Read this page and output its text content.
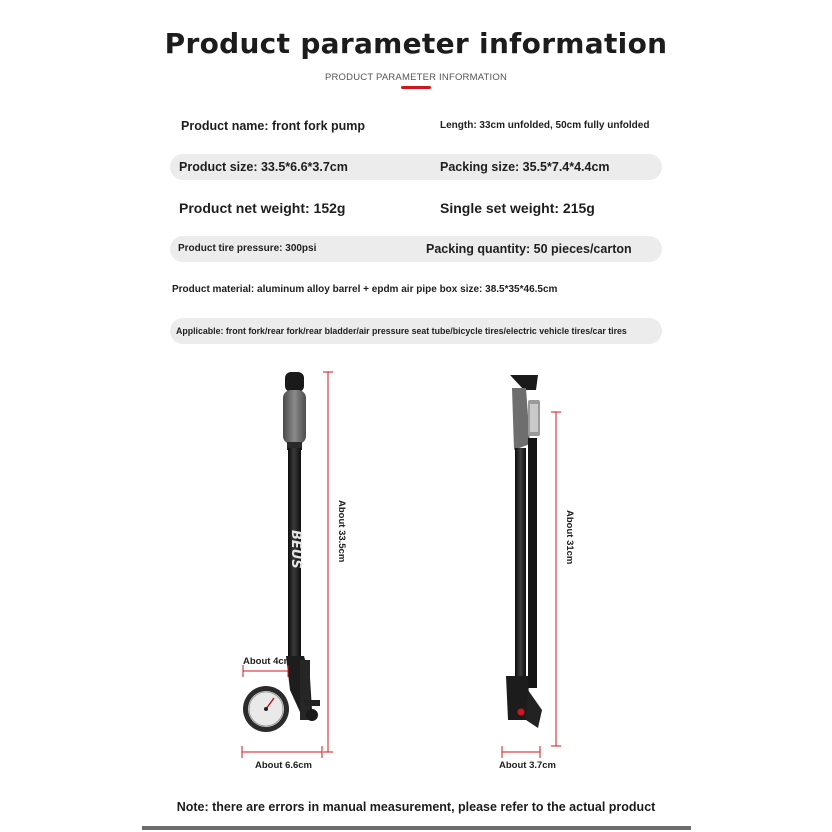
Product parameter information
PRODUCT PARAMETER INFORMATION
Product name: front fork pump	Length: 33cm unfolded, 50cm fully unfolded
Product size: 33.5*6.6*3.7cm	Packing size: 35.5*7.4*4.4cm
Product net weight: 152g	Single set weight: 215g
Product tire pressure: 300psi	Packing quantity: 50 pieces/carton
Product material: aluminum alloy barrel + epdm air pipe box size: 38.5*35*46.5cm
Applicable: front fork/rear fork/rear bladder/air pressure seat tube/bicycle tires/electric vehicle tires/car tires
BEUS
About 4cm
About 6.6cm
About 33.5cm
About 3.7cm
About 31cm
Note: there are errors in manual measurement, please refer to the actual product
